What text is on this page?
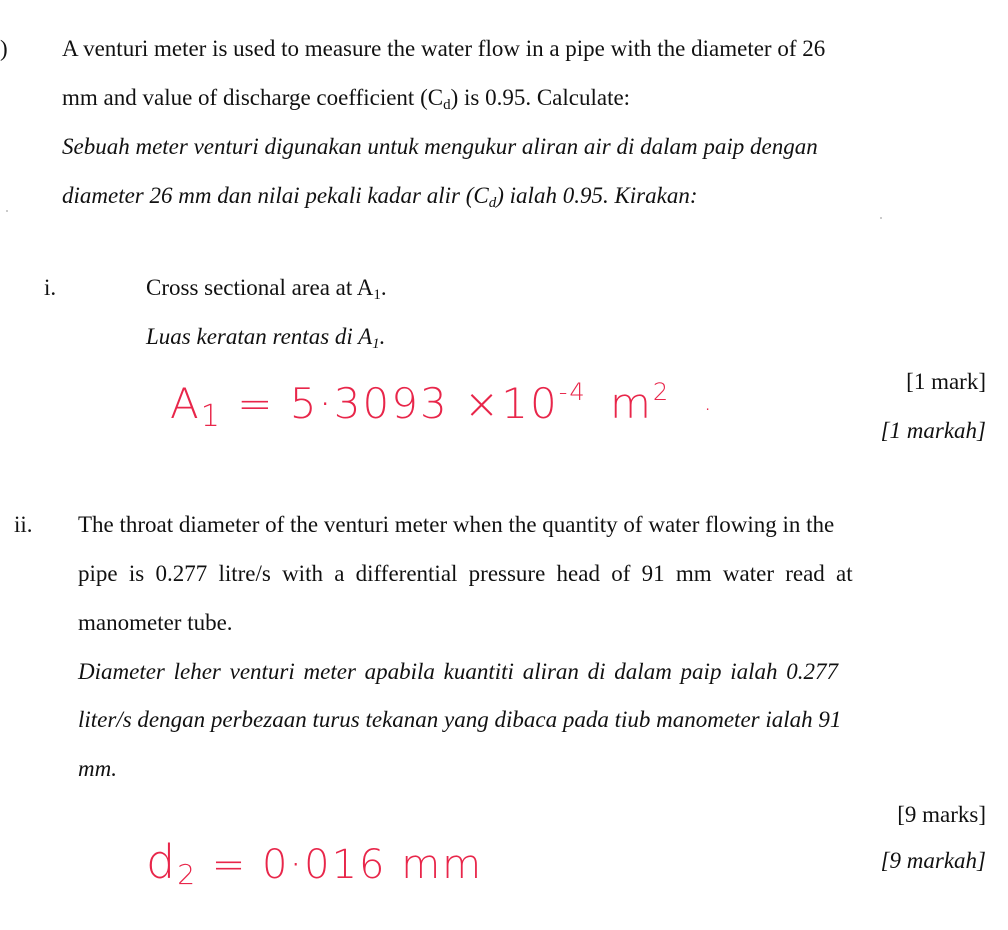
) A venturi meter is used to measure the water flow in a pipe with the diameter of 26
mm and value of discharge coefficient (Cd) is 0.95. Calculate:
Sebuah meter venturi digunakan untuk mengukur aliran air di dalam paip dengan
diameter 26 mm dan nilai pekali kadar alir (Cd) ialah 0.95. Kirakan:
i.	Cross sectional area at A1.
Luas keratan rentas di A1.
[1 mark]
[1 markah]
$A1 = 5\cdot 3093 \times 10^{-4}$ $m^2$ ·
ii. The throat diameter of the venturi meter when the quantity of water flowing in the
pipe is 0.277 litre/s with a differential pressure head of 91 mm water read at
manometer tube.
Diameter leher venturi meter apabila kuantiti aliran di dalam paip ialah 0.277
liter/s dengan perbezaan turus tekanan yang dibaca pada tiub manometer ialah 91
mm.
[9 marks]
[9 markah]
d2 = 0·016 mm
